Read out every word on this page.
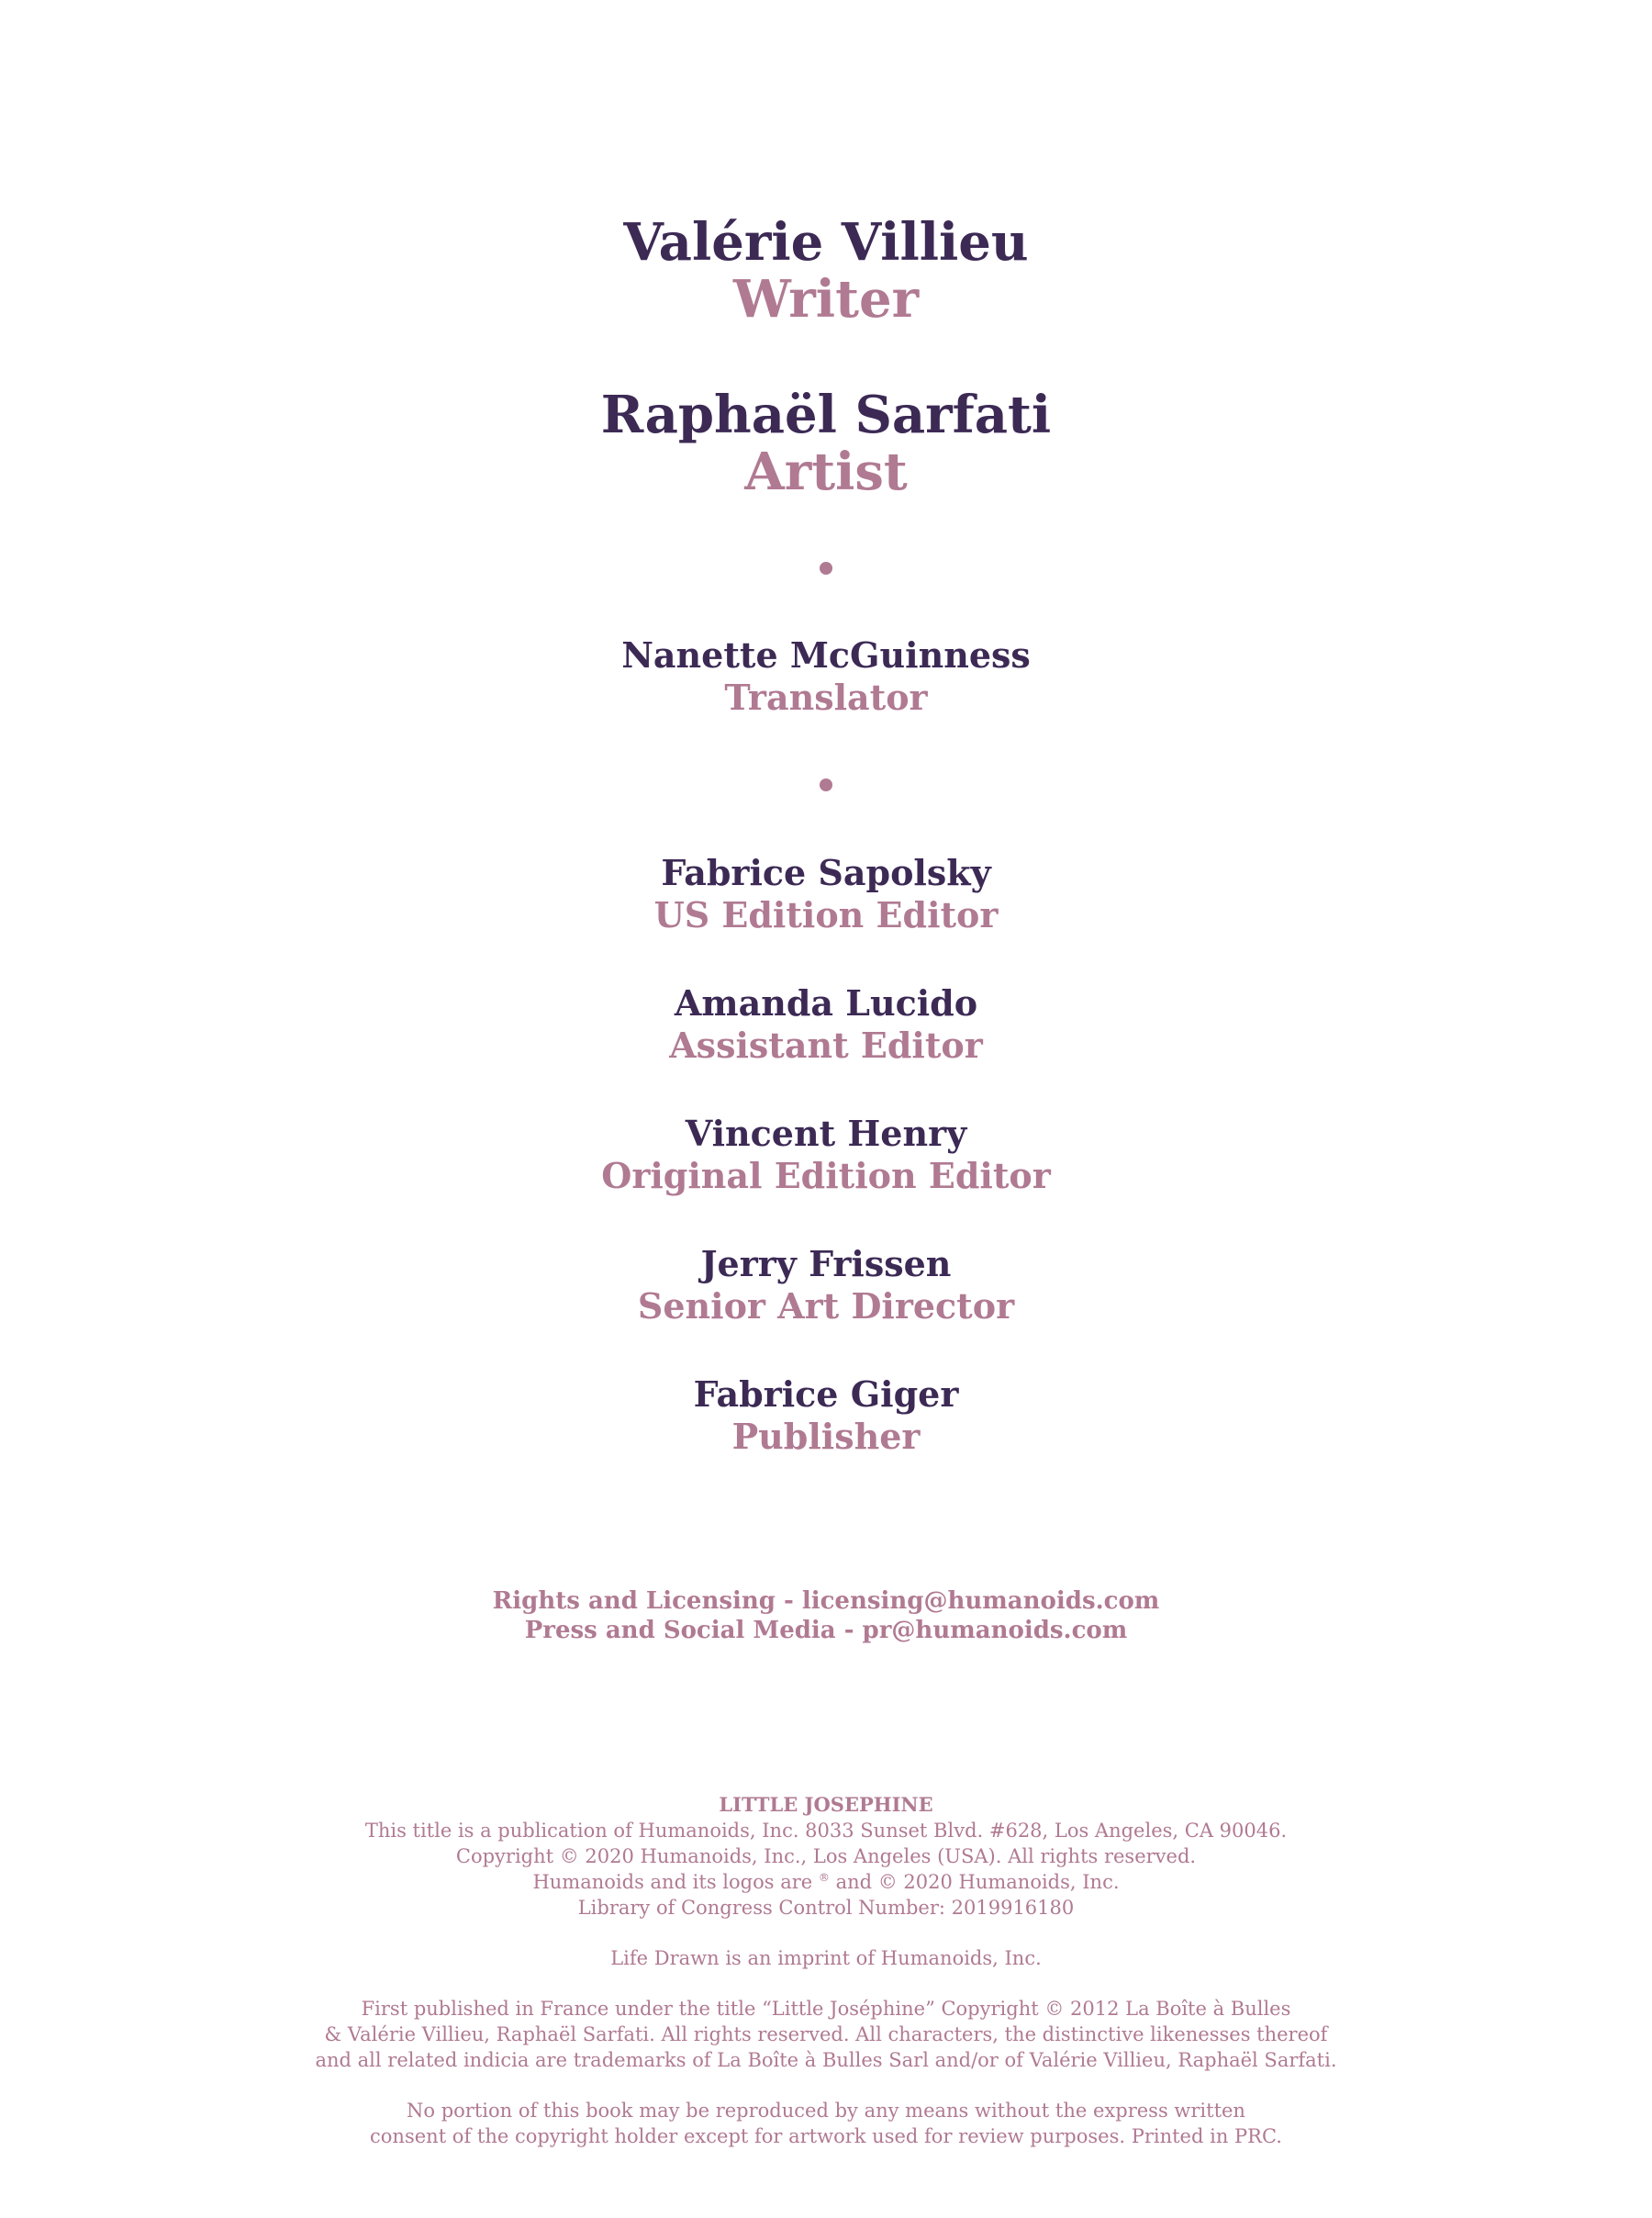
Valérie Villieu
Writer
Raphaël Sarfati
Artist
Nanette McGuinness
Translator
Fabrice Sapolsky
US Edition Editor
Amanda Lucido
Assistant Editor
Vincent Henry
Original Edition Editor
Jerry Frissen
Senior Art Director
Fabrice Giger
Publisher
Rights and Licensing - licensing@humanoids.com
Press and Social Media - pr@humanoids.com
LITTLE JOSEPHINE
This title is a publication of Humanoids, Inc. 8033 Sunset Blvd. #628, Los Angeles, CA 90046.
Copyright © 2020 Humanoids, Inc., Los Angeles (USA). All rights reserved.
Humanoids and its logos are ® and © 2020 Humanoids, Inc.
Library of Congress Control Number: 2019916180
Life Drawn is an imprint of Humanoids, Inc.
First published in France under the title “Little Joséphine” Copyright © 2012 La Boîte à Bulles
& Valérie Villieu, Raphaël Sarfati. All rights reserved. All characters, the distinctive likenesses thereof
and all related indicia are trademarks of La Boîte à Bulles Sarl and/or of Valérie Villieu, Raphaël Sarfati.
No portion of this book may be reproduced by any means without the express written
consent of the copyright holder except for artwork used for review purposes. Printed in PRC.
